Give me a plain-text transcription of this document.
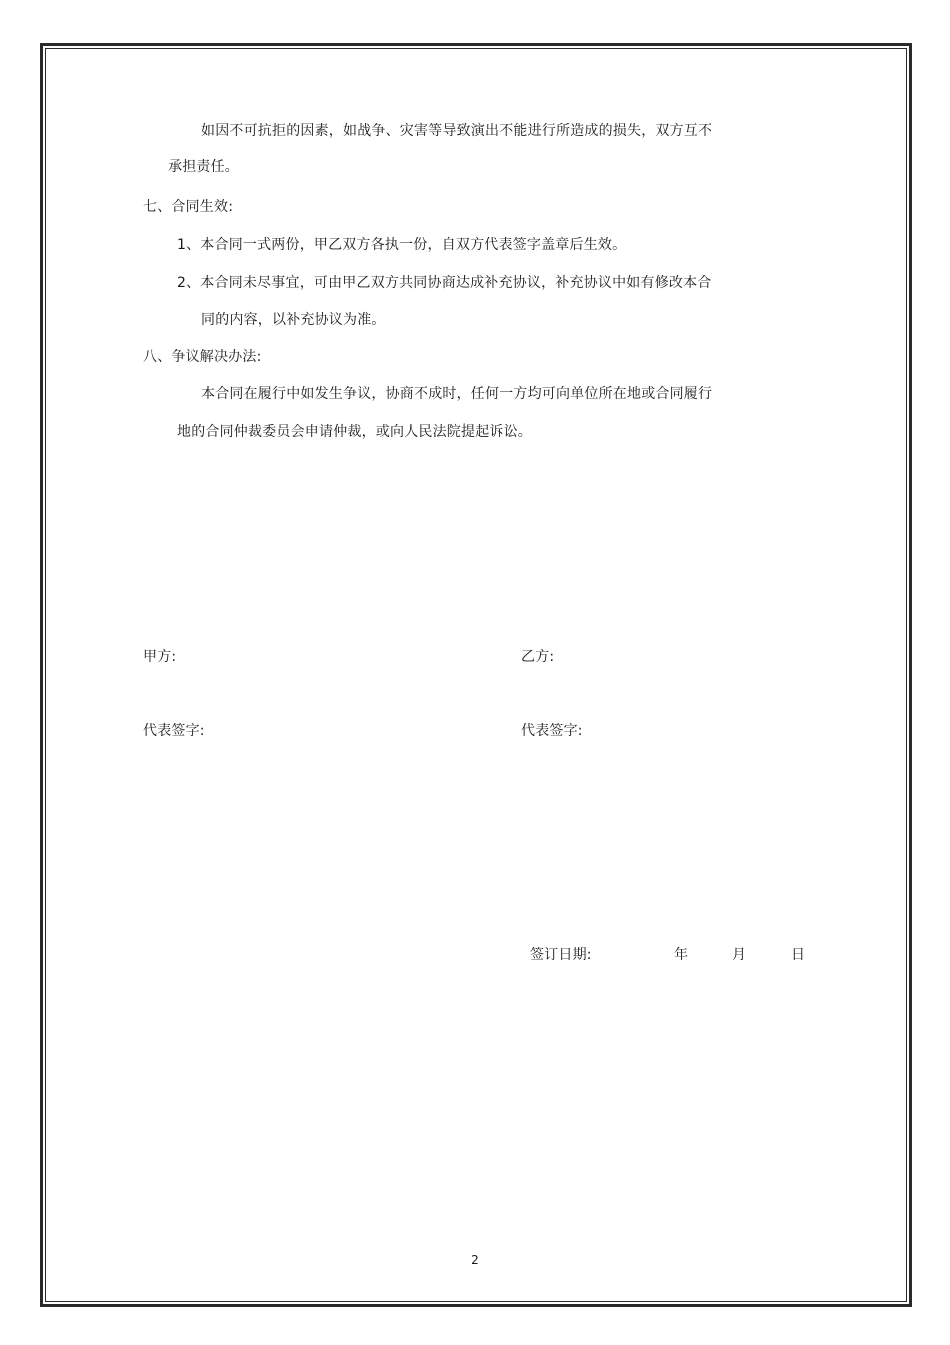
如因不可抗拒的因素，如战争、灾害等导致演出不能进行所造成的损失，双方互不
承担责任。
七、合同生效:
1、本合同一式两份，甲乙双方各执一份，自双方代表签字盖章后生效。
2、本合同未尽事宜，可由甲乙双方共同协商达成补充协议，补充协议中如有修改本合
同的内容，以补充协议为准。
八、争议解决办法:
本合同在履行中如发生争议，协商不成时，任何一方均可向单位所在地或合同履行
地的合同仲裁委员会申请仲裁，或向人民法院提起诉讼。
甲方:	乙方:
代表签字:	代表签字:
签订日期:	年	月	日
2
